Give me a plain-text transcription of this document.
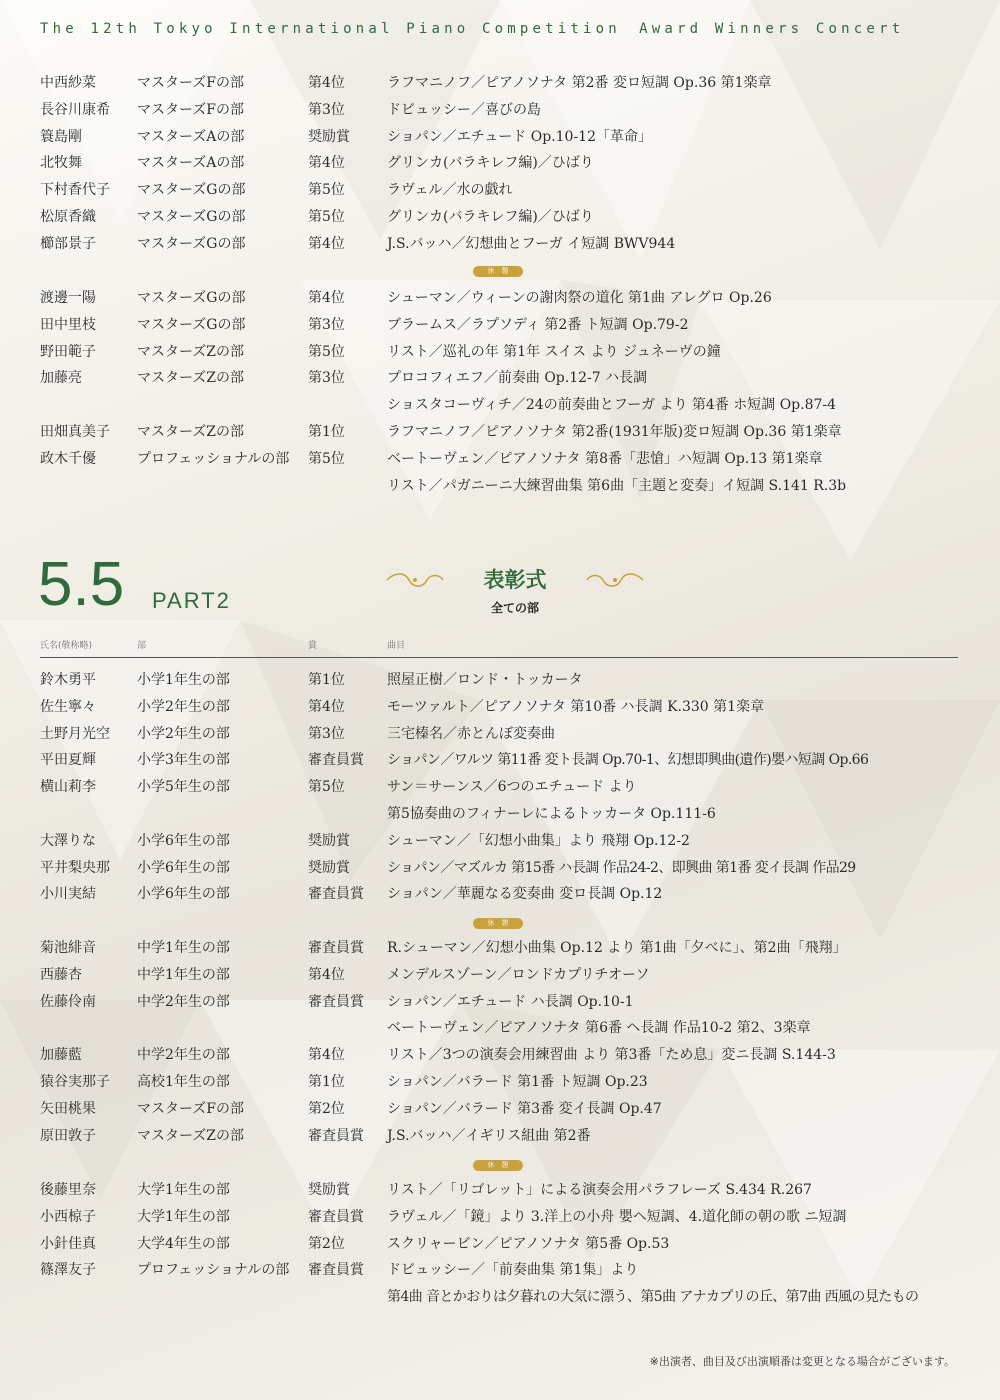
The 12th Tokyo International Piano Competition　Award Winners Concert
中西紗菜	マスターズFの部	第4位	ラフマニノフ／ピアノソナタ 第2番 変ロ短調 Op.36 第1楽章
長谷川康希	マスターズFの部	第3位	ドビュッシー／喜びの島
簑島剛	マスターズAの部	奨励賞	ショパン／エチュード Op.10-12「革命」
北牧舞	マスターズAの部	第4位	グリンカ(バラキレフ編)／ひばり
下村香代子	マスターズGの部	第5位	ラヴェル／水の戯れ
松原香織	マスターズGの部	第5位	グリンカ(バラキレフ編)／ひばり
櫛部景子	マスターズGの部	第4位	J.S.バッハ／幻想曲とフーガ イ短調 BWV944
休　憩
渡邊一陽	マスターズGの部	第4位	シューマン／ウィーンの謝肉祭の道化 第1曲 アレグロ Op.26
田中里枝	マスターズGの部	第3位	ブラームス／ラプソディ 第2番 ト短調 Op.79-2
野田範子	マスターズZの部	第5位	リスト／巡礼の年 第1年 スイス より ジュネーヴの鐘
加藤亮	マスターズZの部	第3位	プロコフィエフ／前奏曲 Op.12-7 ハ長調
ショスタコーヴィチ／24の前奏曲とフーガ より 第4番 ホ短調 Op.87-4
田畑真美子	マスターズZの部	第1位	ラフマニノフ／ピアノソナタ 第2番(1931年版)変ロ短調 Op.36 第1楽章
政木千優	プロフェッショナルの部	第5位	ベートーヴェン／ピアノソナタ 第8番「悲愴」ハ短調 Op.13 第1楽章
リスト／パガニーニ大練習曲集 第6曲「主題と変奏」イ短調 S.141 R.3b
5.5 PART2
表彰式
全ての部
氏名(敬称略)	部	賞	曲目
鈴木勇平	小学1年生の部	第1位	照屋正樹／ロンド・トッカータ
佐生寧々	小学2年生の部	第4位	モーツァルト／ピアノソナタ 第10番 ハ長調 K.330 第1楽章
土野月光空	小学2年生の部	第3位	三宅榛名／赤とんぼ変奏曲
平田夏輝	小学3年生の部	審査員賞	ショパン／ワルツ 第11番 変ト長調 Op.70-1、幻想即興曲(遺作)嬰ハ短調 Op.66
横山莉李	小学5年生の部	第5位	サン＝サーンス／6つのエチュード より
第5協奏曲のフィナーレによるトッカータ Op.111-6
大澤りな	小学6年生の部	奨励賞	シューマン／「幻想小曲集」より 飛翔 Op.12-2
平井梨央那	小学6年生の部	奨励賞	ショパン／マズルカ 第15番 ハ長調 作品24-2、即興曲 第1番 変イ長調 作品29
小川実結	小学6年生の部	審査員賞	ショパン／華麗なる変奏曲 変ロ長調 Op.12
休　憩
菊池緋音	中学1年生の部	審査員賞	R.シューマン／幻想小曲集 Op.12 より 第1曲「夕べに」、第2曲「飛翔」
西藤杏	中学1年生の部	第4位	メンデルスゾーン／ロンドカプリチオーソ
佐藤伶南	中学2年生の部	審査員賞	ショパン／エチュード ハ長調 Op.10-1
ベートーヴェン／ピアノソナタ 第6番 ヘ長調 作品10-2 第2、3楽章
加藤藍	中学2年生の部	第4位	リスト／3つの演奏会用練習曲 より 第3番「ため息」変ニ長調 S.144-3
猿谷実那子	高校1年生の部	第1位	ショパン／バラード 第1番 ト短調 Op.23
矢田桃果	マスターズFの部	第2位	ショパン／バラード 第3番 変イ長調 Op.47
原田敦子	マスターズZの部	審査員賞	J.S.バッハ／イギリス組曲 第2番
休　憩
後藤里奈	大学1年生の部	奨励賞	リスト／「リゴレット」による演奏会用パラフレーズ S.434 R.267
小西椋子	大学1年生の部	審査員賞	ラヴェル／「鏡」より 3.洋上の小舟 嬰ヘ短調、4.道化師の朝の歌 ニ短調
小針佳真	大学4年生の部	第2位	スクリャービン／ピアノソナタ 第5番 Op.53
篠澤友子	プロフェッショナルの部	審査員賞	ドビュッシー／「前奏曲集 第1集」より
第4曲 音とかおりは夕暮れの大気に漂う、第5曲 アナカプリの丘、第7曲 西風の見たもの
※出演者、曲目及び出演順番は変更となる場合がございます。
